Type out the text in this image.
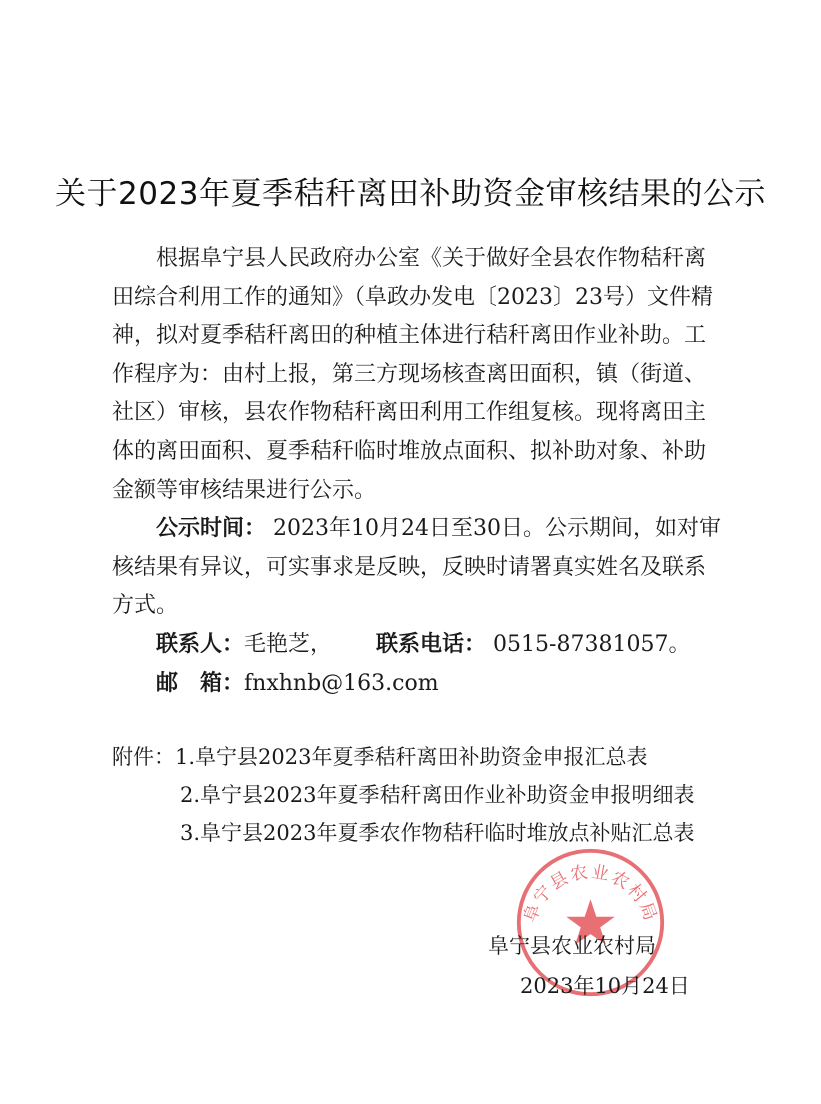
关于2023年夏季秸秆离田补助资金审核结果的公示

根据阜宁县人民政府办公室《关于做好全县农作物秸秆离田综合利用工作的通知》（阜政办发电〔2023〕23号）文件精神，拟对夏季秸秆离田的种植主体进行秸秆离田作业补助。工作程序为：由村上报，第三方现场核查离田面积，镇（街道、社区）审核，县农作物秸秆离田利用工作组复核。现将离田主体的离田面积、夏季秸秆临时堆放点面积、拟补助对象、补助金额等审核结果进行公示。

公示时间： 2023年10月24日至30日。公示期间，如对审核结果有异议，可实事求是反映，反映时请署真实姓名及联系方式。

联系人：毛艳芝， 联系电话： 0515-87381057。
邮　箱：fnxhnb@163.com
附件：1.阜宁县2023年夏季秸秆离田补助资金申报汇总表
2.阜宁县2023年夏季秸秆离田作业补助资金申报明细表
3.阜宁县2023年夏季农作物秸秆临时堆放点补贴汇总表
阜宁县农业农村局
阜宁县农业农村局
2023年10月24日
